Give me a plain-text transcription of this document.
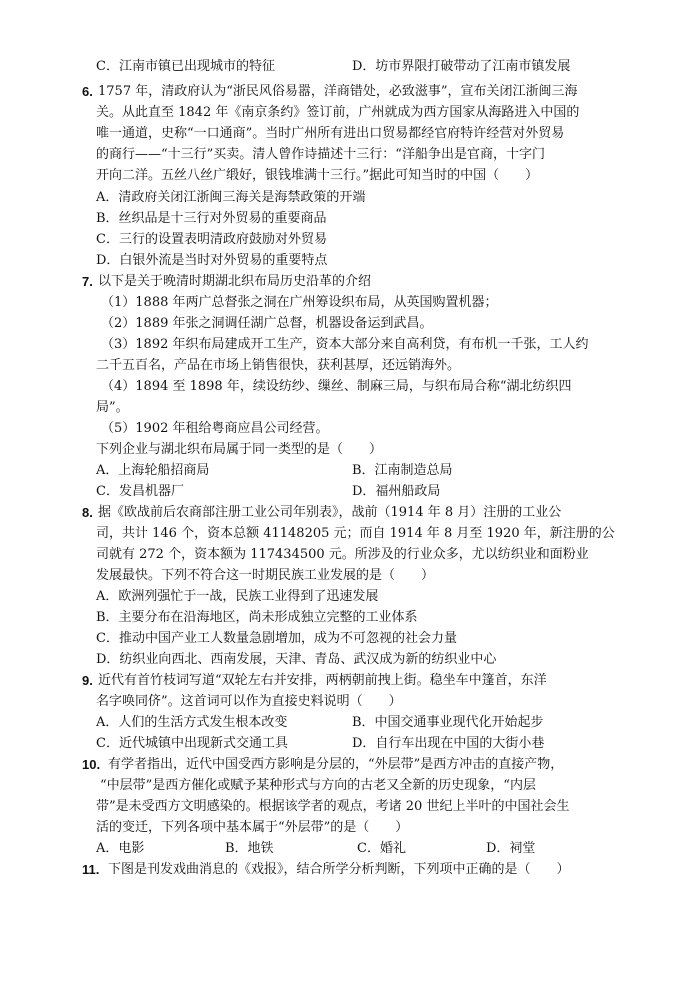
C．江南市镇已出现城市的特征	D．坊市界限打破带动了江南市镇发展
6. 1757 年，清政府认为“浙民风俗易嚣，洋商错处，必致滋事”，宣布关闭江浙闽三海
关。从此直至 1842 年《南京条约》签订前，广州就成为西方国家从海路进入中国的
唯一通道，史称“一口通商”。当时广州所有进出口贸易都经官府特许经营对外贸易
的商行——“十三行”买卖。清人曾作诗描述十三行：“洋船争出是官商，十字门
开向二洋。五丝八丝广缎好，银钱堆满十三行。”据此可知当时的中国（　　）
A．清政府关闭江浙闽三海关是海禁政策的开端
B．丝织品是十三行对外贸易的重要商品
C．三行的设置表明清政府鼓励对外贸易
D．白银外流是当时对外贸易的重要特点
7. 以下是关于晚清时期湖北织布局历史沿革的介绍
（1）1888 年两广总督张之洞在广州筹设织布局，从英国购置机器；
（2）1889 年张之洞调任湖广总督，机器设备运到武昌。
（3）1892 年织布局建成开工生产，资本大部分来自高利贷，有布机一千张，工人约
二千五百名，产品在市场上销售很快，获利甚厚，还远销海外。
（4）1894 至 1898 年，续设纺纱、缫丝、制麻三局，与织布局合称“湖北纺织四
局”。
（5）1902 年租给粤商应昌公司经营。
下列企业与湖北织布局属于同一类型的是（　　）
A．上海轮船招商局	B．江南制造总局
C．发昌机器厂	D．福州船政局
8. 据《欧战前后农商部注册工业公司年别表》，战前（1914 年 8 月）注册的工业公
司，共计 146 个，资本总额 41148205 元；而自 1914 年 8 月至 1920 年，新注册的公
司就有 272 个，资本额为 117434500 元。所涉及的行业众多，尤以纺织业和面粉业
发展最快。下列不符合这一时期民族工业发展的是（　　）
A．欧洲列强忙于一战，民族工业得到了迅速发展
B．主要分布在沿海地区，尚未形成独立完整的工业体系
C．推动中国产业工人数量急剧增加，成为不可忽视的社会力量
D．纺织业向西北、西南发展，天津、青岛、武汉成为新的纺织业中心
9. 近代有首竹枝词写道“双轮左右并安排，两柄朝前拽上街。稳坐车中篷首，东洋
名字唤同侪”。这首词可以作为直接史料说明（　　）
A．人们的生活方式发生根本改变	B．中国交通事业现代化开始起步
C．近代城镇中出现新式交通工具	D．自行车出现在中国的大街小巷
10. 有学者指出，近代中国受西方影响是分层的，“外层带”是西方冲击的直接产物，
“中层带”是西方催化或赋予某种形式与方向的古老又全新的历史现象，“内层
带”是未受西方文明感染的。根据该学者的观点，考诸 20 世纪上半叶的中国社会生
活的变迁，下列各项中基本属于“外层带”的是（　　）
A．电影	B．地铁	C．婚礼	D．祠堂
11. 下图是刊发戏曲消息的《戏报》，结合所学分析判断，下列项中正确的是（　　）
